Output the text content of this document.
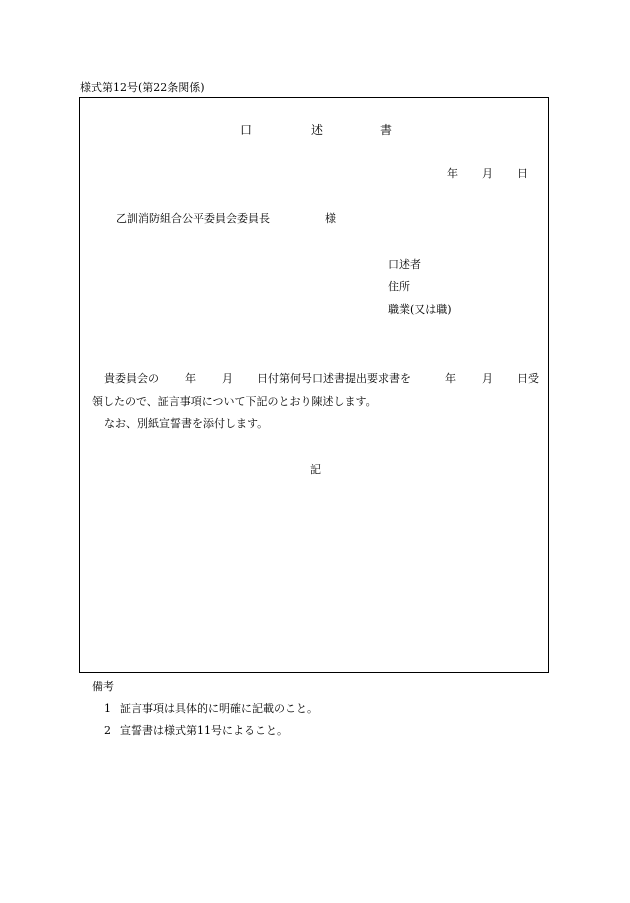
様式第12号(第22条関係)
口	述	書
年 月 日
乙訓消防組合公平委員会委員長	様
口述者
住所
職業(又は職)
貴委員会の 年 月 日付第何号口述書提出要求書を	年 月 日受
領したので、証言事項について下記のとおり陳述します。
なお、別紙宣誓書を添付します。
記
備考
1 証言事項は具体的に明確に記載のこと。
2 宣誓書は様式第11号によること。
